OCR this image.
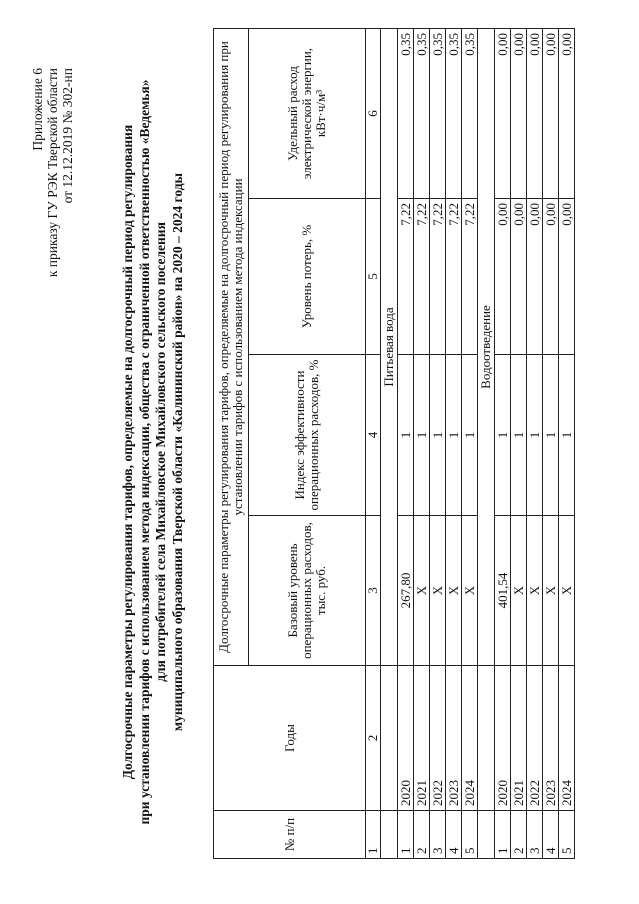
Приложение 6 к приказу ГУ РЭК Тверской области от 12.12.2019 № 302-нп	Долгосрочные параметры регулирования тарифов, определяемые на долгосрочный период регулирования при установлении тарифов с использованием метода индексации, общества с ограниченной ответственностью «Ведемья» для потребителей села Михайловское Михайловского сельского поселения муниципального образования Тверской области «Калининский район» на 2020 – 2024 годы
№ п/п	Годы	Долгосрочные параметры регулирования тарифов, определяемые на долгосрочный период регулирования при установлении тарифов с использованием метода индексации			
		Базовый уровень операционных расходов, тыс. руб.	Индекс эффективности операционных расходов, %	Уровень потерь, %	Удельный расход электрической энергии, кВт·ч/м³
1	2	3	4	5	6
		Питьевая вода			
1	2020	267,80	1	7,22	0,35
2	2021	Х	1	7,22	0,35
3	2022	Х	1	7,22	0,35
4	2023	Х	1	7,22	0,35
5	2024	Х	1	7,22	0,35
		Водоотведение			
1	2020	401,54	1	0,00	0,00
2	2021	Х	1	0,00	0,00
3	2022	Х	1	0,00	0,00
4	2023	Х	1	0,00	0,00
5	2024	Х	1	0,00	0,00
